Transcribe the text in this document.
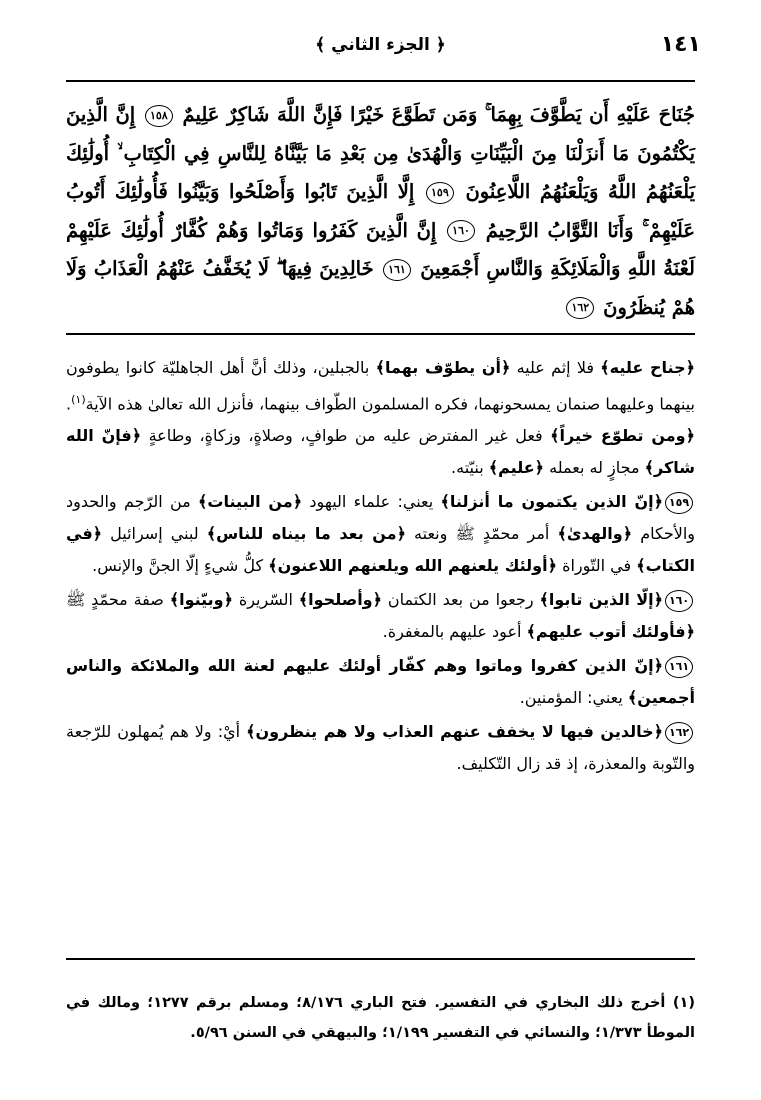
١٤١
﴿ الجزء الثاني ﴾
جُنَاحَ عَلَيْهِ أَن يَطَّوَّفَ بِهِمَا ۚ وَمَن تَطَوَّعَ خَيْرًا فَإِنَّ اللَّهَ شَاكِرٌ عَلِيمٌ ١٥٨ إِنَّ الَّذِينَ يَكْتُمُونَ مَا أَنزَلْنَا مِنَ الْبَيِّنَاتِ وَالْهُدَىٰ مِن بَعْدِ مَا بَيَّنَّاهُ لِلنَّاسِ فِي الْكِتَابِ ۙ أُولَٰئِكَ يَلْعَنُهُمُ اللَّهُ وَيَلْعَنُهُمُ اللَّاعِنُونَ ١٥٩ إِلَّا الَّذِينَ تَابُوا وَأَصْلَحُوا وَبَيَّنُوا فَأُولَٰئِكَ أَتُوبُ عَلَيْهِمْ ۚ وَأَنَا التَّوَّابُ الرَّحِيمُ ١٦٠ إِنَّ الَّذِينَ كَفَرُوا وَمَاتُوا وَهُمْ كُفَّارٌ أُولَٰئِكَ عَلَيْهِمْ لَعْنَةُ اللَّهِ وَالْمَلَائِكَةِ وَالنَّاسِ أَجْمَعِينَ ١٦١ خَالِدِينَ فِيهَا ۖ لَا يُخَفَّفُ عَنْهُمُ الْعَذَابُ وَلَا هُمْ يُنظَرُونَ ١٦٢

﴿جناح عليه﴾ فلا إثم عليه ﴿أن يطوّف بهما﴾ بالجبلين، وذلك أنَّ أهل الجاهليّة كانوا يطوفون بينهما وعليهما صنمان يمسحونهما، فكره المسلمون الطّواف بينهما، فأنزل الله تعالىٰ هذه الآية$^{(١)}$. ﴿ومن تطوّع خيراً﴾ فعل غير المفترض عليه من طوافٍ، وصلاةٍ، وزكاةٍ، وطاعةٍ ﴿فإنّ الله شاكر﴾ مجازٍ له بعمله ﴿عليم﴾ بنيّته.

١٥٩﴿إنّ الذين يكتمون ما أنزلنا﴾ يعني: علماء اليهود ﴿من البينات﴾ من الرّجم والحدود والأحكام ﴿والهدىٰ﴾ أمر محمّدٍ ﷺ ونعته ﴿من بعد ما بيناه للناس﴾ لبني إسرائيل ﴿في الكتاب﴾ في التّوراة ﴿أولئك يلعنهم الله ويلعنهم اللاعنون﴾ كلُّ شيءٍ إلّا الجنَّ والإنس.

١٦٠﴿إلّا الذين تابوا﴾ رجعوا من بعد الكتمان ﴿وأصلحوا﴾ السّريرة ﴿وبيّنوا﴾ صفة محمّدٍ ﷺ ﴿فأولئك أتوب عليهم﴾ أعود عليهم بالمغفرة.

١٦١﴿إنّ الذين كفروا وماتوا وهم كفّار أولئك عليهم لعنة الله والملائكة والناس أجمعين﴾ يعني: المؤمنين.

١٦٢﴿خالدين فيها لا يخفف عنهم العذاب ولا هم ينظرون﴾ أيْ: ولا هم يُمهلون للرّجعة والتّوبة والمعذرة، إذ قد زال التّكليف.

(١) أخرج ذلك البخاري في التفسير. فتح الباري ٨/١٧٦؛ ومسلم برقم ١٢٧٧؛ ومالك في الموطأ ١/٣٧٣؛ والنسائي في التفسير ١/١٩٩؛ والبيهقي في السنن ٥/٩٦.
